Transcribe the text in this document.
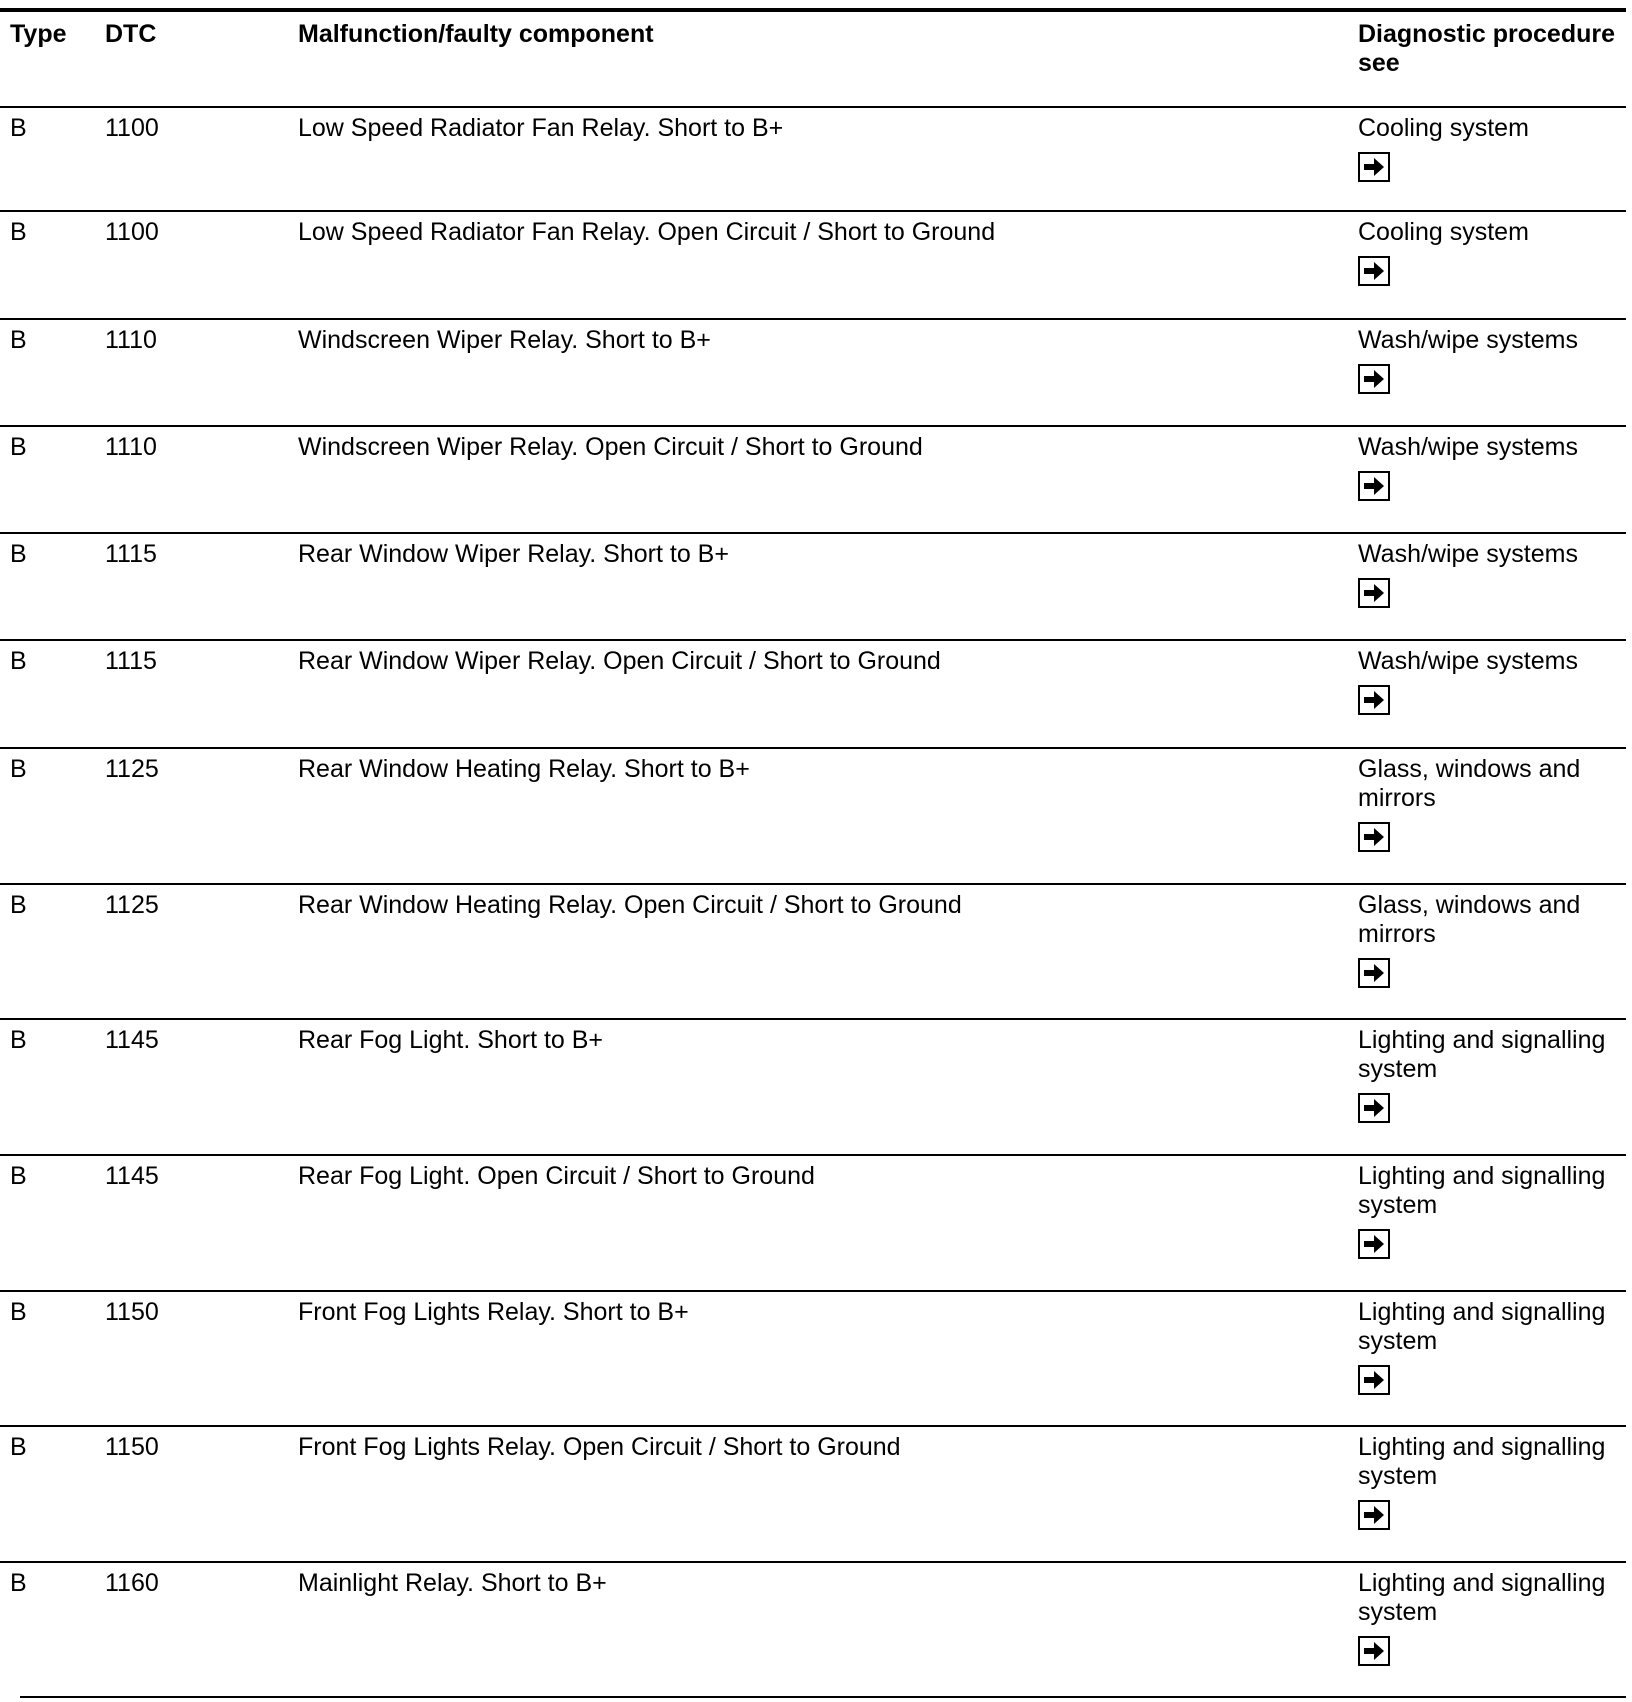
Type DTC	Malfunction/faulty component	Diagnostic procedure see
B	1100	Low Speed Radiator Fan Relay. Short to B+	Cooling system
B	1100	Low Speed Radiator Fan Relay. Open Circuit / Short to Ground	Cooling system
B	1110	Windscreen Wiper Relay. Short to B+	Wash/wipe systems
B	1110	Windscreen Wiper Relay. Open Circuit / Short to Ground	Wash/wipe systems
B	1115	Rear Window Wiper Relay. Short to B+	Wash/wipe systems
B	1115	Rear Window Wiper Relay. Open Circuit / Short to Ground	Wash/wipe systems
B	1125	Rear Window Heating Relay. Short to B+	Glass, windows and mirrors
B	1125	Rear Window Heating Relay. Open Circuit / Short to Ground	Glass, windows and mirrors
B	1145	Rear Fog Light. Short to B+	Lighting and signalling system
B	1145	Rear Fog Light. Open Circuit / Short to Ground	Lighting and signalling system
B	1150	Front Fog Lights Relay. Short to B+	Lighting and signalling system
B	1150	Front Fog Lights Relay. Open Circuit / Short to Ground	Lighting and signalling system
B	1160	Mainlight Relay. Short to B+	Lighting and signalling system
